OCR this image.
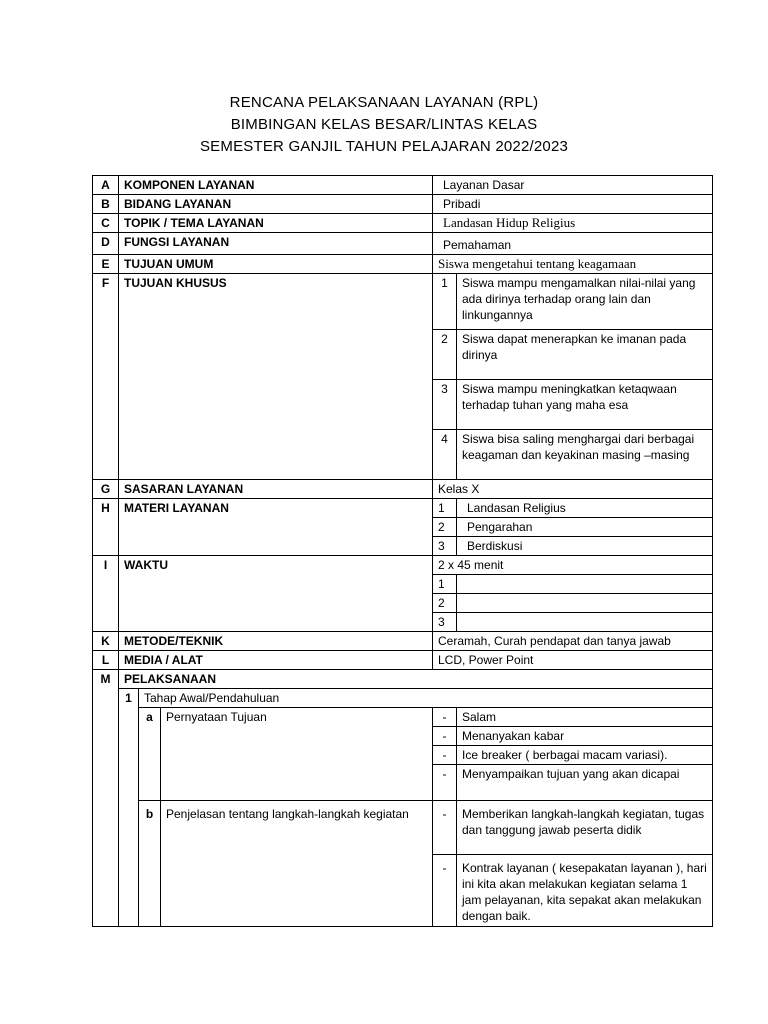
RENCANA PELAKSANAAN LAYANAN (RPL)
BIMBINGAN KELAS BESAR/LINTAS KELAS
SEMESTER GANJIL TAHUN PELAJARAN 2022/2023
A	KOMPONEN LAYANAN			Layanan Dasar	
B	BIDANG LAYANAN			Pribadi	
C	TOPIK / TEMA LAYANAN			Landasan Hidup Religius	
D	FUNGSI LAYANAN			Pemahaman	
E	TUJUAN UMUM			Siswa mengetahui tentang keagamaan	
F	TUJUAN KHUSUS			1	Siswa mampu mengamalkan nilai-nilai yang ada dirinya terhadap orang lain dan linkungannya
				2	Siswa dapat menerapkan ke imanan pada dirinya
				3	Siswa mampu meningkatkan ketaqwaan terhadap tuhan yang maha esa
				4	Siswa bisa saling menghargai dari berbagai keagaman dan keyakinan masing –masing
G	SASARAN LAYANAN			Kelas X	
H	MATERI LAYANAN			1	Landasan Religius
				2	Pengarahan
				3	Berdiskusi
I	WAKTU			2 x 45 menit	
				1	
				2	
				3	
K	METODE/TEKNIK			Ceramah, Curah pendapat dan tanya jawab	
L	MEDIA / ALAT			LCD, Power Point	
M	PELAKSANAAN				
	1	Tahap Awal/Pendahuluan			
		a	Pernyataan Tujuan	-	Salam
				-	Menanyakan kabar
				-	Ice breaker ( berbagai macam variasi).
				-	Menyampaikan tujuan yang akan dicapai
		b	Penjelasan tentang langkah-langkah kegiatan	-	Memberikan langkah-langkah kegiatan, tugas dan tanggung jawab peserta didik
				-	Kontrak layanan ( kesepakatan layanan ), hari ini kita akan melakukan kegiatan selama 1 jam pelayanan, kita sepakat akan melakukan dengan baik.
